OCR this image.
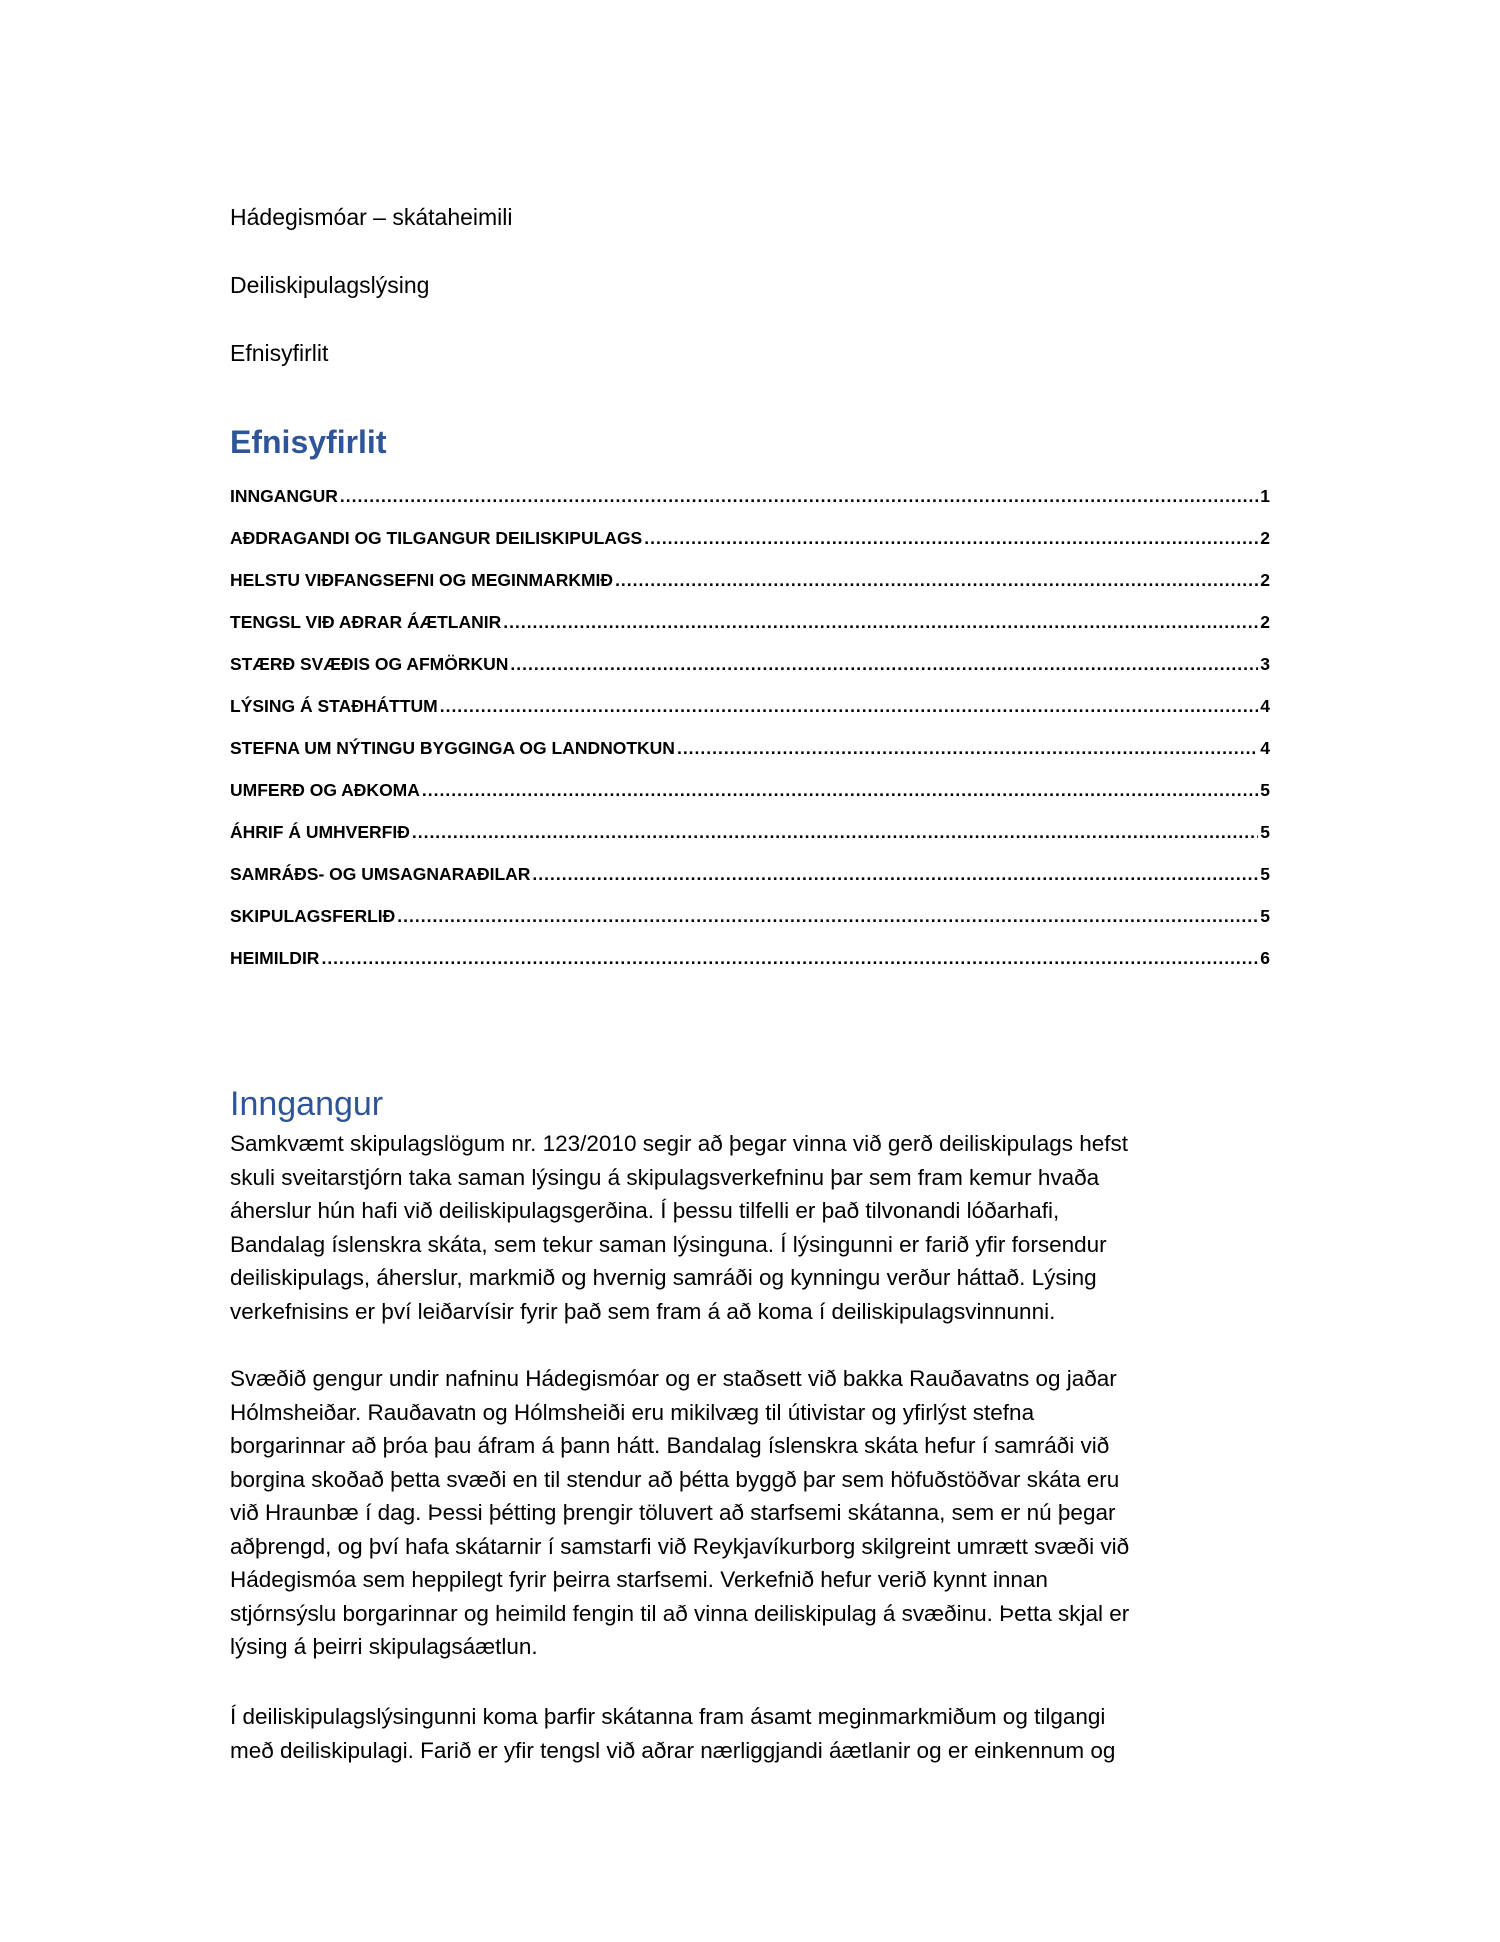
Hádegismóar – skátaheimili
Deiliskipulagslýsing
Efnisyfirlit
Efnisyfirlit
INNGANGUR .....	1
AÐDRAGANDI OG TILGANGUR DEILISKIPULAGS .....	2
HELSTU VIÐFANGSEFNI OG MEGINMARKMIÐ .....	2
TENGSL VIÐ AÐRAR ÁÆTLANIR .....	2
STÆRÐ SVÆÐIS OG AFMÖRKUN .....	3
LÝSING Á STAÐHÁTTUM .....	4
STEFNA UM NÝTINGU BYGGINGA OG LANDNOTKUN .....	4
UMFERÐ OG AÐKOMA .....	5
ÁHRIF Á UMHVERFIÐ .....	5
SAMRÁÐS- OG UMSAGNARAÐILAR .....	5
SKIPULAGSFERLIÐ .....	5
HEIMILDIR .....	6
Inngangur
Samkvæmt skipulagslögum nr. 123/2010 segir að þegar vinna við gerð deiliskipulags hefst
skuli sveitarstjórn taka saman lýsingu á skipulagsverkefninu þar sem fram kemur hvaða
áherslur hún hafi við deiliskipulagsgerðina. Í þessu tilfelli er það tilvonandi lóðarhafi,
Bandalag íslenskra skáta, sem tekur saman lýsinguna. Í lýsingunni er farið yfir forsendur
deiliskipulags, áherslur, markmið og hvernig samráði og kynningu verður háttað. Lýsing
verkefnisins er því leiðarvísir fyrir það sem fram á að koma í deiliskipulagsvinnunni.
Svæðið gengur undir nafninu Hádegismóar og er staðsett við bakka Rauðavatns og jaðar
Hólmsheiðar. Rauðavatn og Hólmsheiði eru mikilvæg til útivistar og yfirlýst stefna
borgarinnar að þróa þau áfram á þann hátt. Bandalag íslenskra skáta hefur í samráði við
borgina skoðað þetta svæði en til stendur að þétta byggð þar sem höfuðstöðvar skáta eru
við Hraunbæ í dag. Þessi þétting þrengir töluvert að starfsemi skátanna, sem er nú þegar
aðþrengd, og því hafa skátarnir í samstarfi við Reykjavíkurborg skilgreint umrætt svæði við
Hádegismóa sem heppilegt fyrir þeirra starfsemi. Verkefnið hefur verið kynnt innan
stjórnsýslu borgarinnar og heimild fengin til að vinna deiliskipulag á svæðinu. Þetta skjal er
lýsing á þeirri skipulagsáætlun.
Í deiliskipulagslýsingunni koma þarfir skátanna fram ásamt meginmarkmiðum og tilgangi
með deiliskipulagi. Farið er yfir tengsl við aðrar nærliggjandi áætlanir og er einkennum og
